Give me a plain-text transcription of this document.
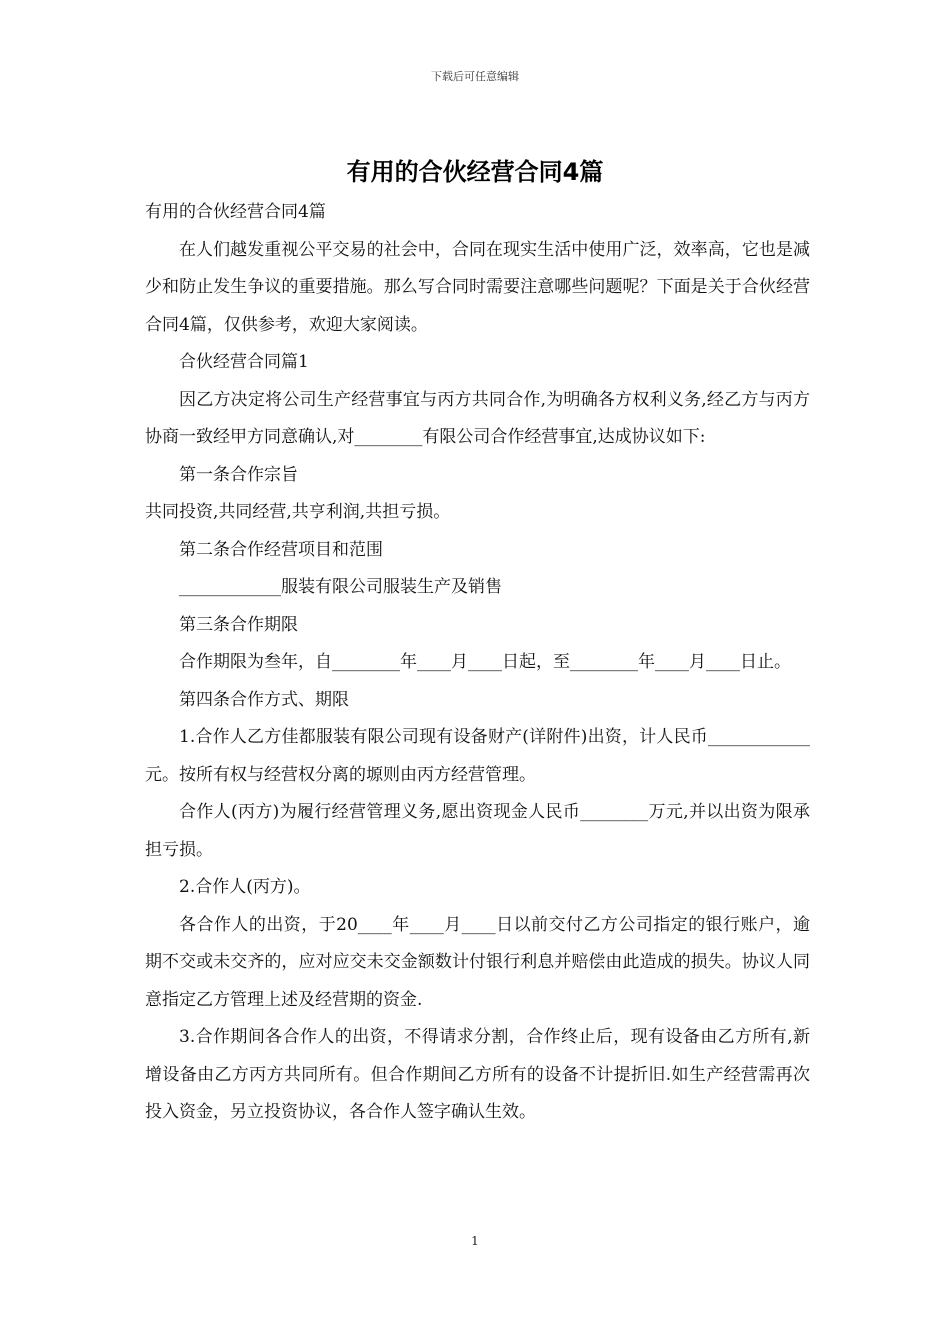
下载后可任意编辑
有用的合伙经营合同4篇

有用的合伙经营合同4篇

在人们越发重视公平交易的社会中，合同在现实生活中使用广泛，效率高，它也是减少和防止发生争议的重要措施。那么写合同时需要注意哪些问题呢？下面是关于合伙经营合同4篇，仅供参考，欢迎大家阅读。

合伙经营合同篇1

因乙方决定将公司生产经营事宜与丙方共同合作,为明确各方权利义务,经乙方与丙方协商一致经甲方同意确认,对________有限公司合作经营事宜,达成协议如下:

第一条合作宗旨

共同投资,共同经营,共亨利润,共担亏损。

第二条合作经营项目和范围

____________服装有限公司服装生产及销售

第三条合作期限

合作期限为叁年，自________年____月____日起，至________年____月____日止。

第四条合作方式、期限

1.合作人乙方佳都服装有限公司现有设备财产(详附件)出资，计人民币____________元。按所有权与经营权分离的塬则由丙方经营管理。

合作人(丙方)为履行经营管理义务,愿出资现金人民币________万元,并以出资为限承担亏损。

2.合作人(丙方)。

各合作人的出资，于20____年____月____日以前交付乙方公司指定的银行账户，逾期不交或未交齐的，应对应交未交金额数计付银行利息并赔偿由此造成的损失。协议人同意指定乙方管理上述及经营期的资金.

3.合作期间各合作人的出资，不得请求分割，合作终止后，现有设备由乙方所有,新增设备由乙方丙方共同所有。但合作期间乙方所有的设备不计提折旧.如生产经营需再次投入资金，另立投资协议，各合作人签字确认生效。

1
